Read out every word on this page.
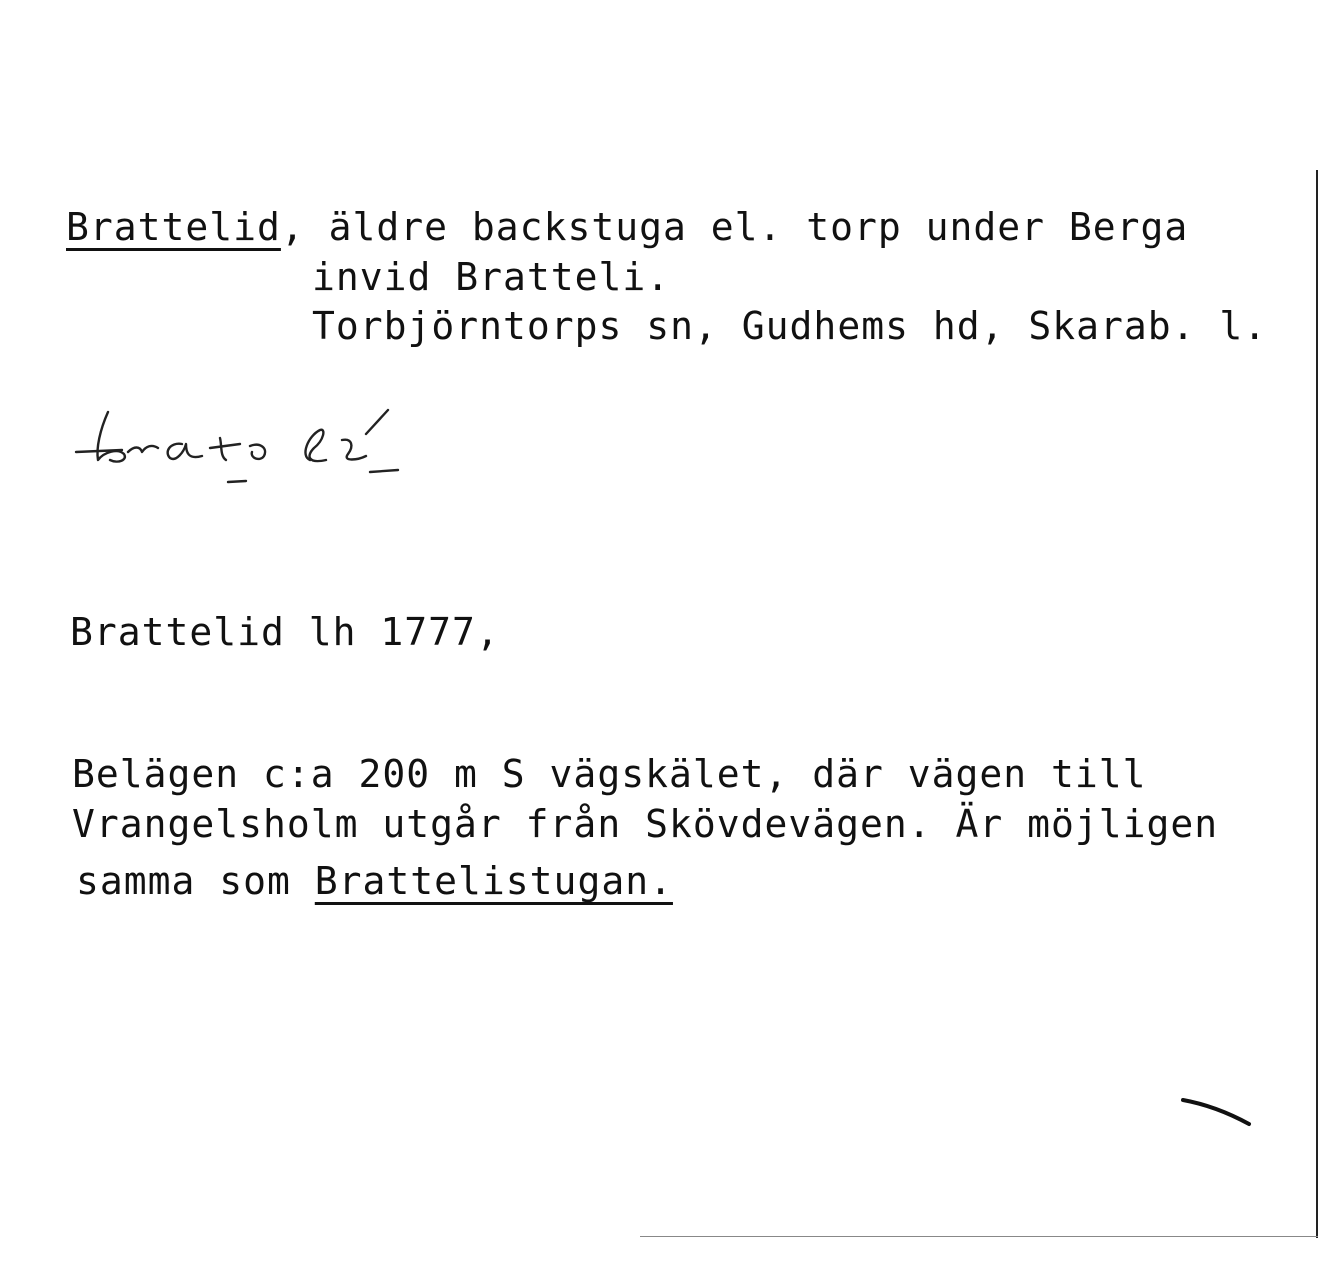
Brattelid, äldre backstuga el. torp under Berga
invid Bratteli.
Torbjörntorps sn, Gudhems hd, Skarab. l.
Brattelid lh 1777,
Belägen c:a 200 m S vägskälet, där vägen till
Vrangelsholm utgår från Skövdevägen. Är möjligen
samma som Brattelistugan.
